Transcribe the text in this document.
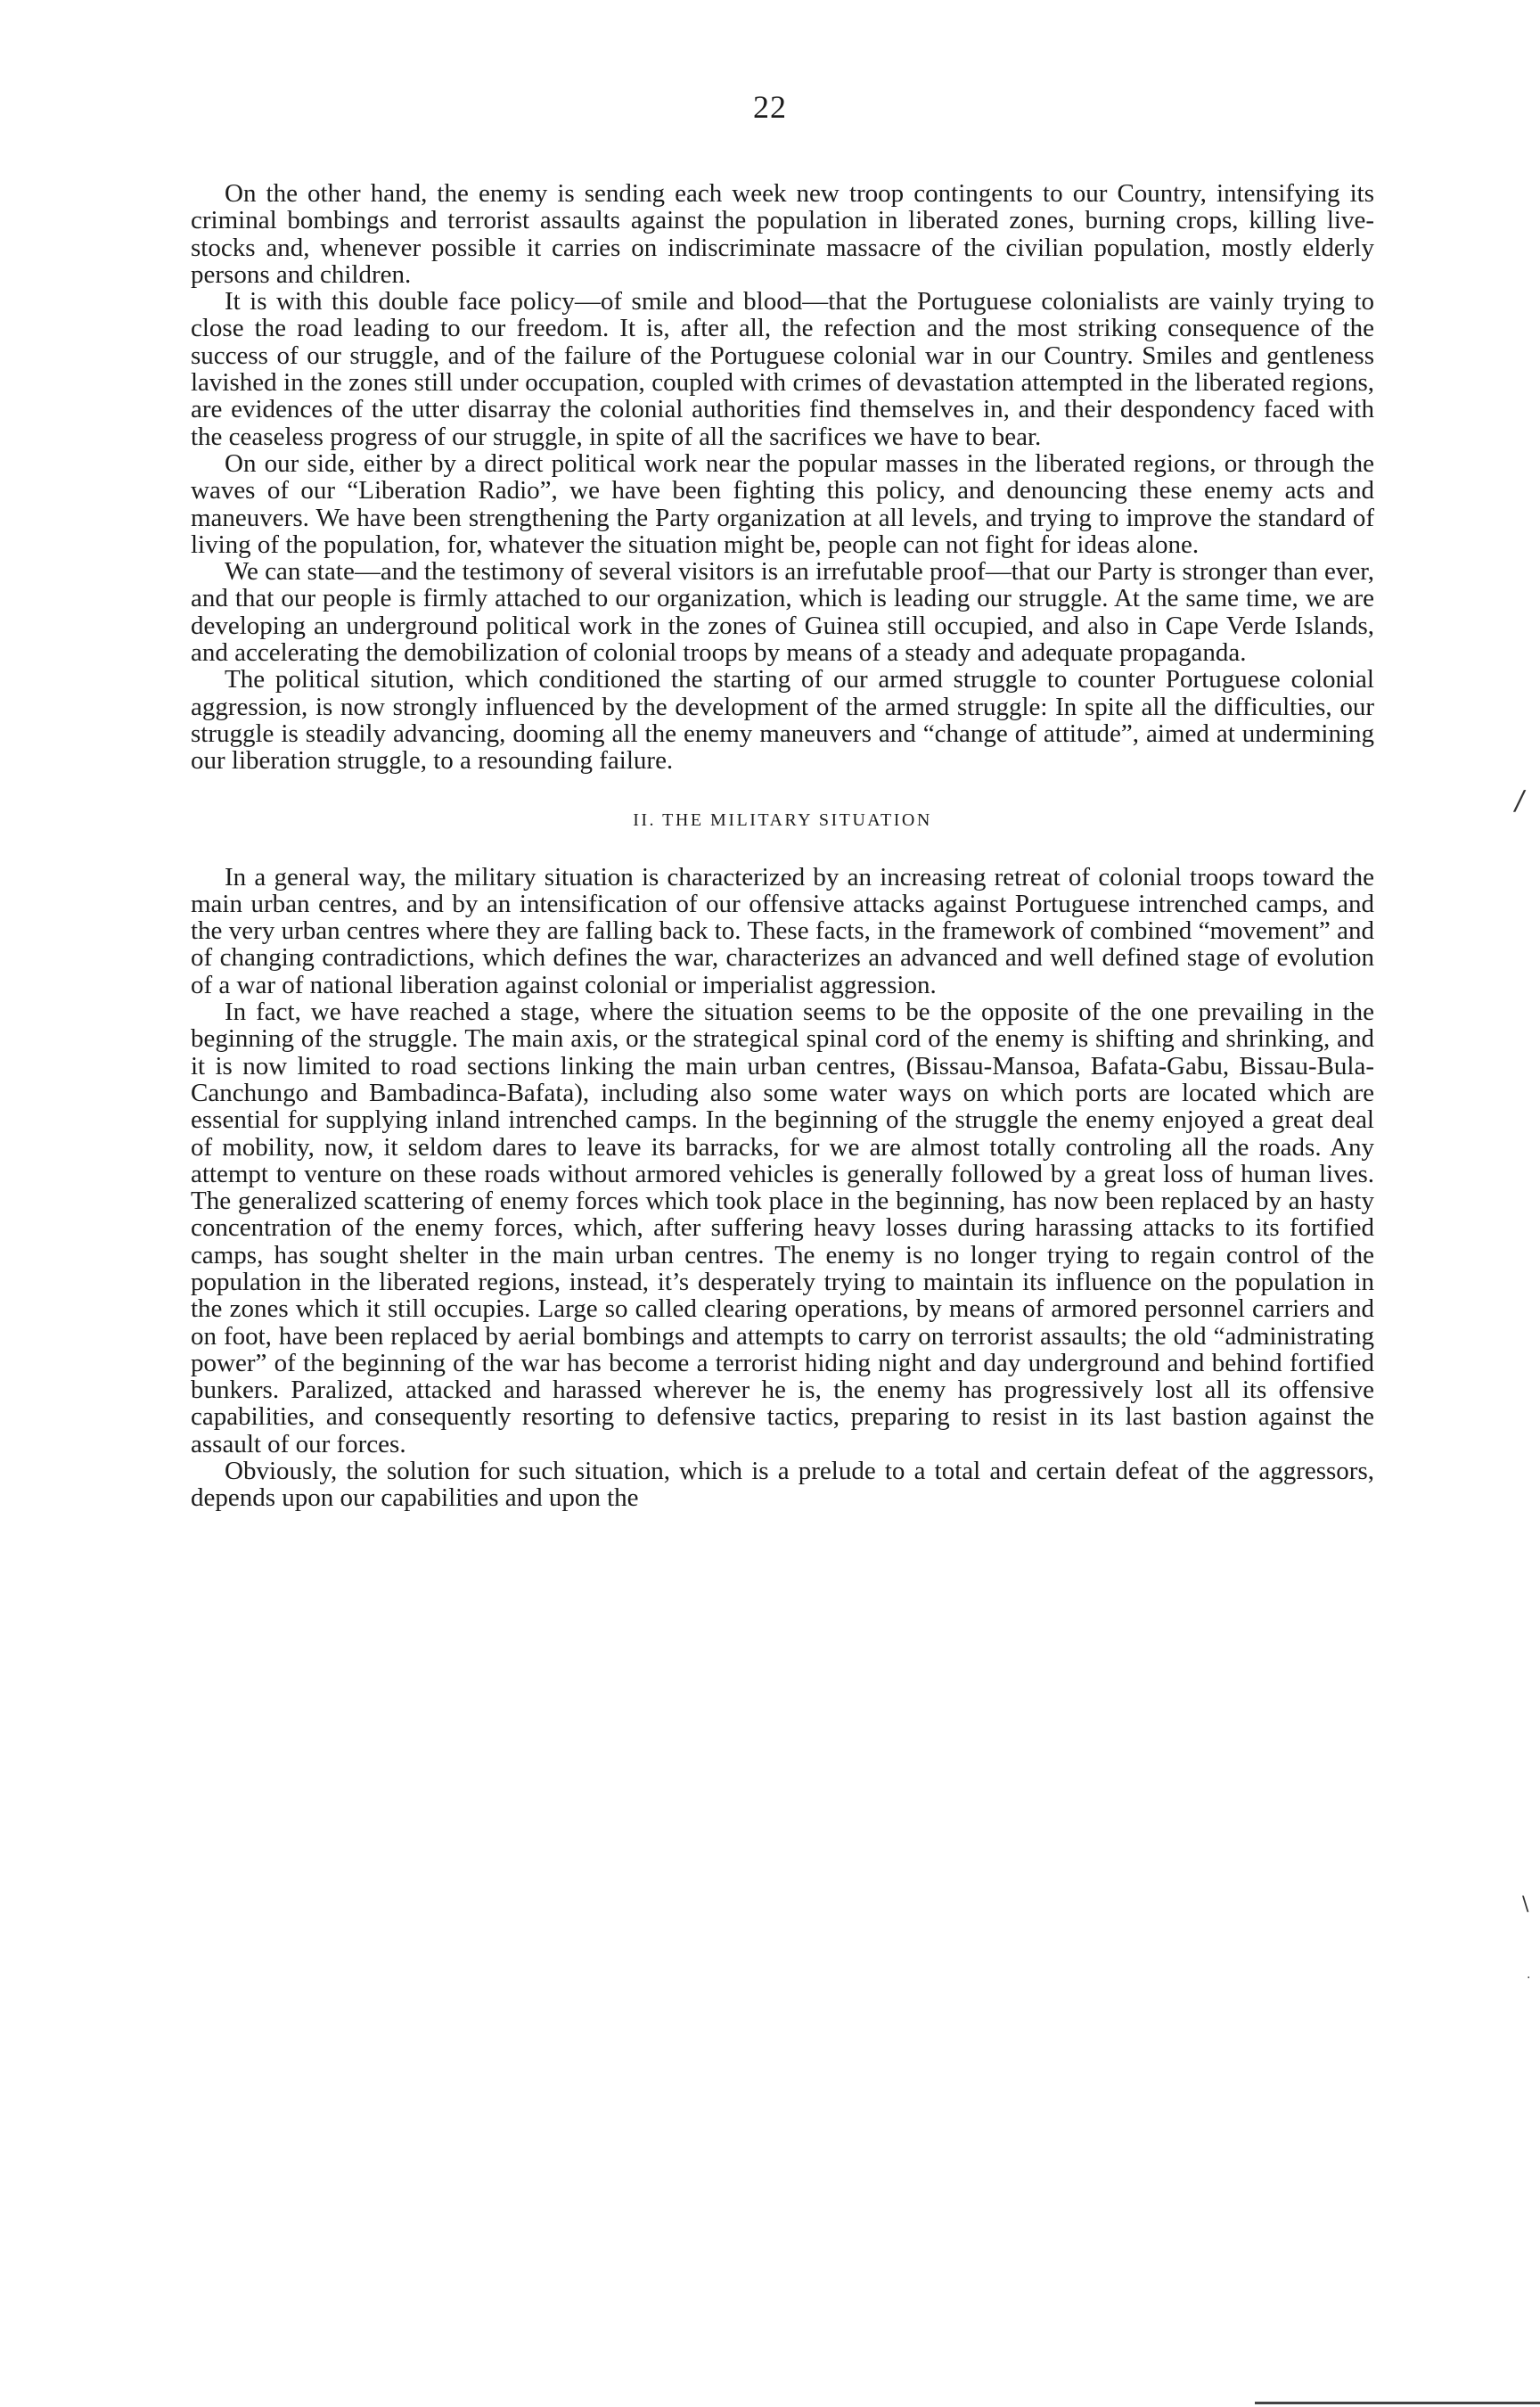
22

On the other hand, the enemy is sending each week new troop contingents to our Country, intensifying its criminal bombings and terrorist assaults against the population in liberated zones, burning crops, killing live-stocks and, whenever possible it carries on indiscriminate massacre of the civilian population, mostly elderly persons and children.

It is with this double face policy—of smile and blood—that the Portuguese colonialists are vainly trying to close the road leading to our freedom. It is, after all, the refection and the most striking consequence of the success of our struggle, and of the failure of the Portuguese colonial war in our Country. Smiles and gentleness lavished in the zones still under occupation, coupled with crimes of devastation attempted in the liberated regions, are evidences of the utter disarray the colonial authorities find themselves in, and their despondency faced with the ceaseless progress of our struggle, in spite of all the sacrifices we have to bear.

On our side, either by a direct political work near the popular masses in the liberated regions, or through the waves of our “Liberation Radio”, we have been fighting this policy, and denouncing these enemy acts and maneuvers. We have been strengthening the Party organization at all levels, and trying to improve the standard of living of the population, for, whatever the situation might be, people can not fight for ideas alone.

We can state—and the testimony of several visitors is an irrefutable proof—that our Party is stronger than ever, and that our people is firmly attached to our organization, which is leading our struggle. At the same time, we are developing an underground political work in the zones of Guinea still occupied, and also in Cape Verde Islands, and accelerating the demobilization of colonial troops by means of a steady and adequate propaganda.

The political sitution, which conditioned the starting of our armed struggle to counter Portuguese colonial aggression, is now strongly influenced by the development of the armed struggle: In spite all the difficulties, our struggle is steadily advancing, dooming all the enemy maneuvers and “change of attitude”, aimed at undermining our liberation struggle, to a resounding failure.

II. THE MILITARY SITUATION

In a general way, the military situation is characterized by an increasing retreat of colonial troops toward the main urban centres, and by an intensification of our offensive attacks against Portuguese intrenched camps, and the very urban centres where they are falling back to. These facts, in the framework of combined “movement” and of changing contradictions, which defines the war, characterizes an advanced and well defined stage of evolution of a war of national liberation against colonial or imperialist aggression.

In fact, we have reached a stage, where the situation seems to be the opposite of the one prevailing in the beginning of the struggle. The main axis, or the strategical spinal cord of the enemy is shifting and shrinking, and it is now limited to road sections linking the main urban centres, (Bissau-Mansoa, Bafata-Gabu, Bissau-Bula-Canchungo and Bambadinca-Bafata), including also some water ways on which ports are located which are essential for supplying inland intrenched camps. In the beginning of the struggle the enemy enjoyed a great deal of mobility, now, it seldom dares to leave its barracks, for we are almost totally controling all the roads. Any attempt to venture on these roads without armored vehicles is generally followed by a great loss of human lives. The generalized scattering of enemy forces which took place in the beginning, has now been replaced by an hasty concentration of the enemy forces, which, after suffering heavy losses during harassing attacks to its fortified camps, has sought shelter in the main urban centres. The enemy is no longer trying to regain control of the population in the liberated regions, instead, it’s desperately trying to maintain its influence on the population in the zones which it still occupies. Large so called clearing operations, by means of armored personnel carriers and on foot, have been replaced by aerial bombings and attempts to carry on terrorist assaults; the old “administrating power” of the beginning of the war has become a terrorist hiding night and day underground and behind fortified bunkers. Paralized, attacked and harassed wherever he is, the enemy has progressively lost all its offensive capabilities, and consequently resorting to defensive tactics, preparing to resist in its last bastion against the assault of our forces.

Obviously, the solution for such situation, which is a prelude to a total and certain defeat of the aggressors, depends upon our capabilities and upon the

/
\
·
